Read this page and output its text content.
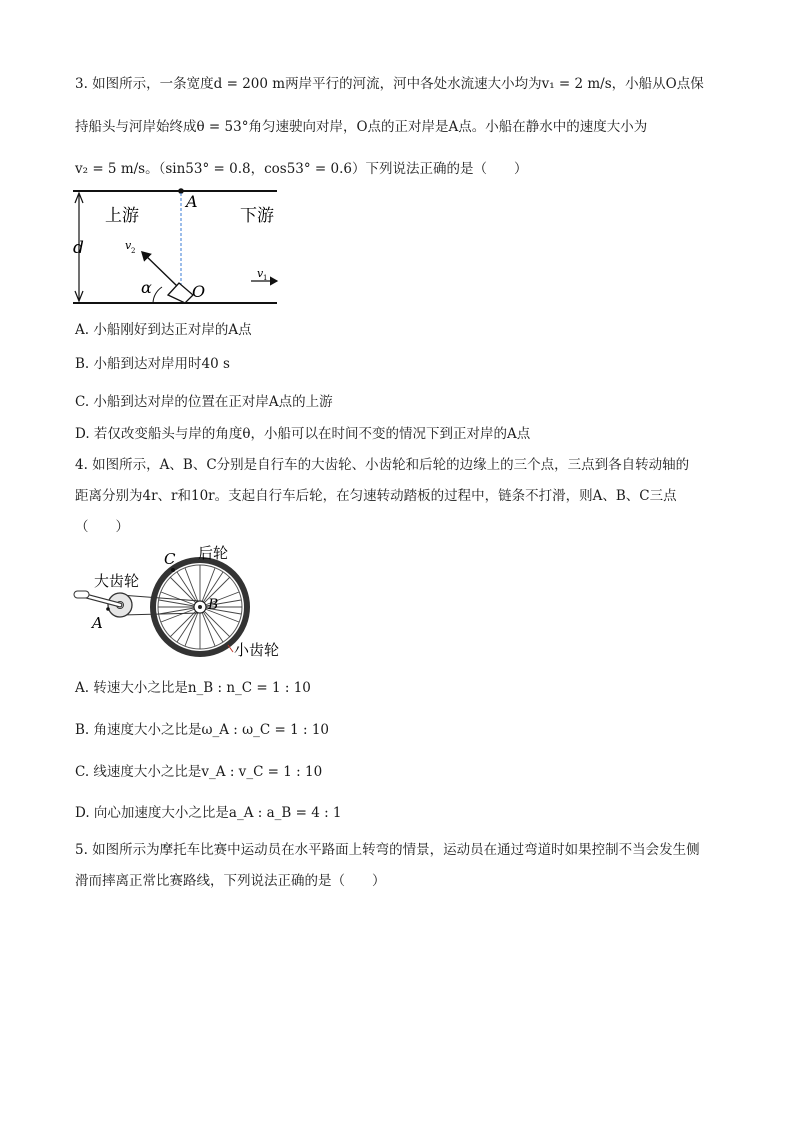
3. 如图所示，一条宽度d = 200 m两岸平行的河流，河中各处水流速大小均为v₁ = 2 m/s，小船从O点保
持船头与河岸始终成θ = 53°角匀速驶向对岸，O点的正对岸是A点。小船在静水中的速度大小为
v₂ = 5 m/s。（sin53° = 0.8，cos53° = 0.6）下列说法正确的是（　　）
A
上游	下游
d	v 2
α	O
v 1
A. 小船刚好到达正对岸的A点
B. 小船到达对岸用时40 s
C. 小船到达对岸的位置在正对岸A点的上游
D. 若仅改变船头与岸的角度θ，小船可以在时间不变的情况下到正对岸的A点
4. 如图所示，A、B、C分别是自行车的大齿轮、小齿轮和后轮的边缘上的三个点，三点到各自转动轴的
距离分别为4r、r和10r。支起自行车后轮，在匀速转动踏板的过程中，链条不打滑，则A、B、C三点
（　　）
C 后轮
大齿轮
A
B
小齿轮
A. 转速大小之比是n_B : n_C = 1 : 10
B. 角速度大小之比是ω_A : ω_C = 1 : 10
C. 线速度大小之比是v_A : v_C = 1 : 10
D. 向心加速度大小之比是a_A : a_B = 4 : 1
5. 如图所示为摩托车比赛中运动员在水平路面上转弯的情景，运动员在通过弯道时如果控制不当会发生侧
滑而摔离正常比赛路线，下列说法正确的是（　　）
